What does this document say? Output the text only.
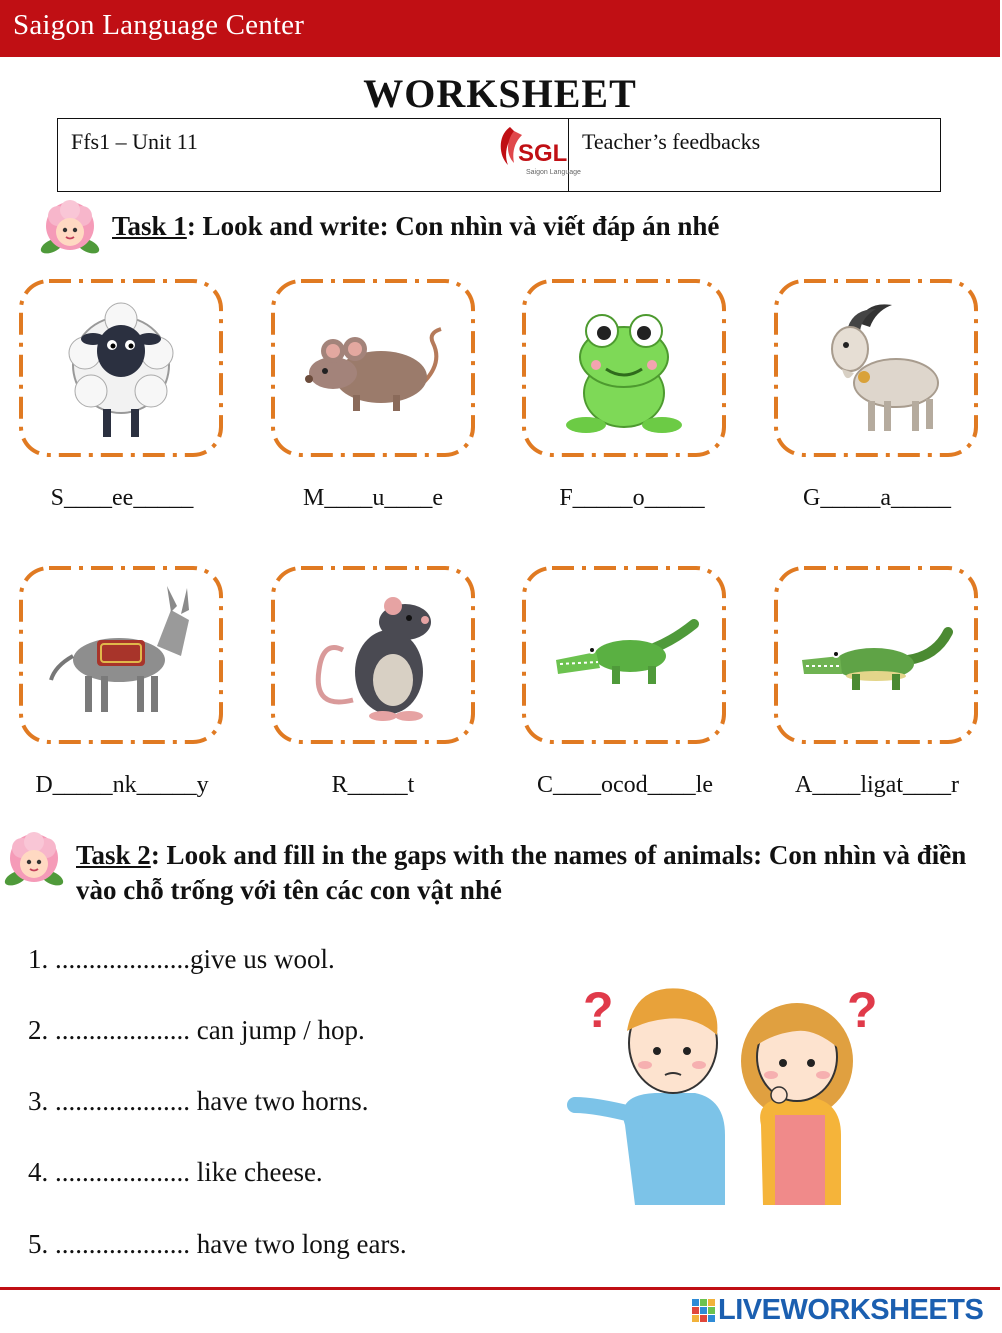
Saigon Language Center
WORKSHEET
Ffs1 – Unit 11	Teacher’s feedbacks
SGL
Saigon Language
Task 1: Look and write: Con nhìn và viết đáp án nhé
S____ee_____	M____u____e	F_____o_____	G_____a_____
D_____nk_____y	R_____t	C____ocod____le	A____ligat____r
Task 2: Look and fill in the gaps with the names of animals: Con nhìn và điền vào chỗ trống với tên các con vật nhé
1. ....................give us wool.
2. .................... can jump / hop.
3. .................... have two horns.
4. .................... like cheese.
5. .................... have two long ears.
?	?
LIVEWORKSHEETS
